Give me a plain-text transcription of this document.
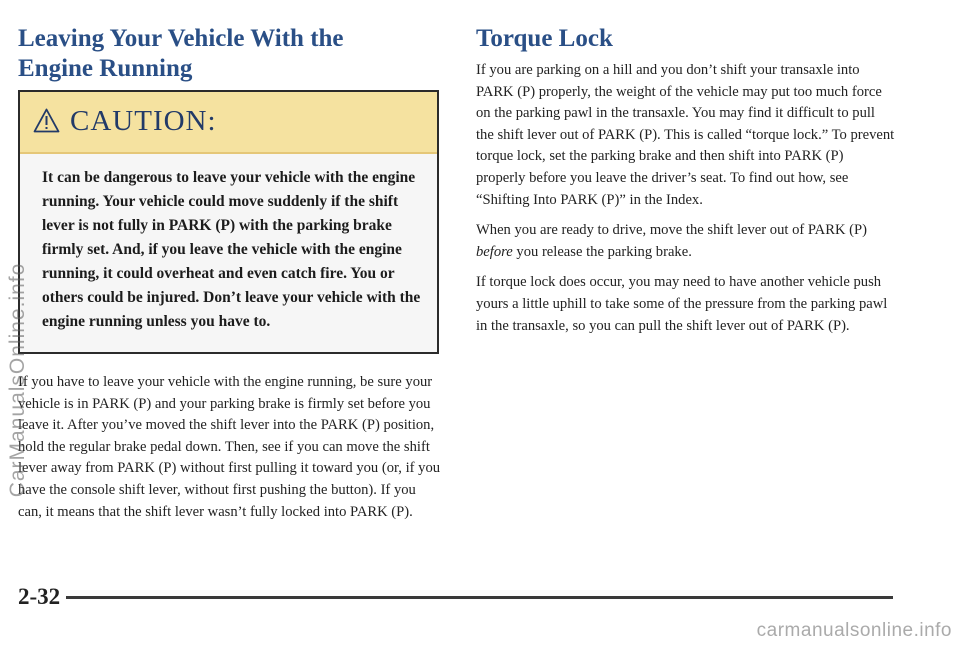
Leaving Your Vehicle With the Engine Running
CAUTION:
It can be dangerous to leave your vehicle with the engine running. Your vehicle could move suddenly if the shift lever is not fully in PARK (P) with the parking brake firmly set. And, if you leave the vehicle with the engine running, it could overheat and even catch fire. You or others could be injured. Don’t leave your vehicle with the engine running unless you have to.

If you have to leave your vehicle with the engine running, be sure your vehicle is in PARK (P) and your parking brake is firmly set before you leave it. After you’ve moved the shift lever into the PARK (P) position, hold the regular brake pedal down. Then, see if you can move the shift lever away from PARK (P) without first pulling it toward you (or, if you have the console shift lever, without first pushing the button). If you can, it means that the shift lever wasn’t fully locked into PARK (P).

Torque Lock

If you are parking on a hill and you don’t shift your transaxle into PARK (P) properly, the weight of the vehicle may put too much force on the parking pawl in the transaxle. You may find it difficult to pull the shift lever out of PARK (P). This is called “torque lock.” To prevent torque lock, set the parking brake and then shift into PARK (P) properly before you leave the driver’s seat. To find out how, see “Shifting Into PARK (P)” in the Index.

When you are ready to drive, move the shift lever out of PARK (P) before you release the parking brake.

If torque lock does occur, you may need to have another vehicle push yours a little uphill to take some of the pressure from the parking pawl in the transaxle, so you can pull the shift lever out of PARK (P).

2-32
CarManualsOnline.info
carmanualsonline.info
